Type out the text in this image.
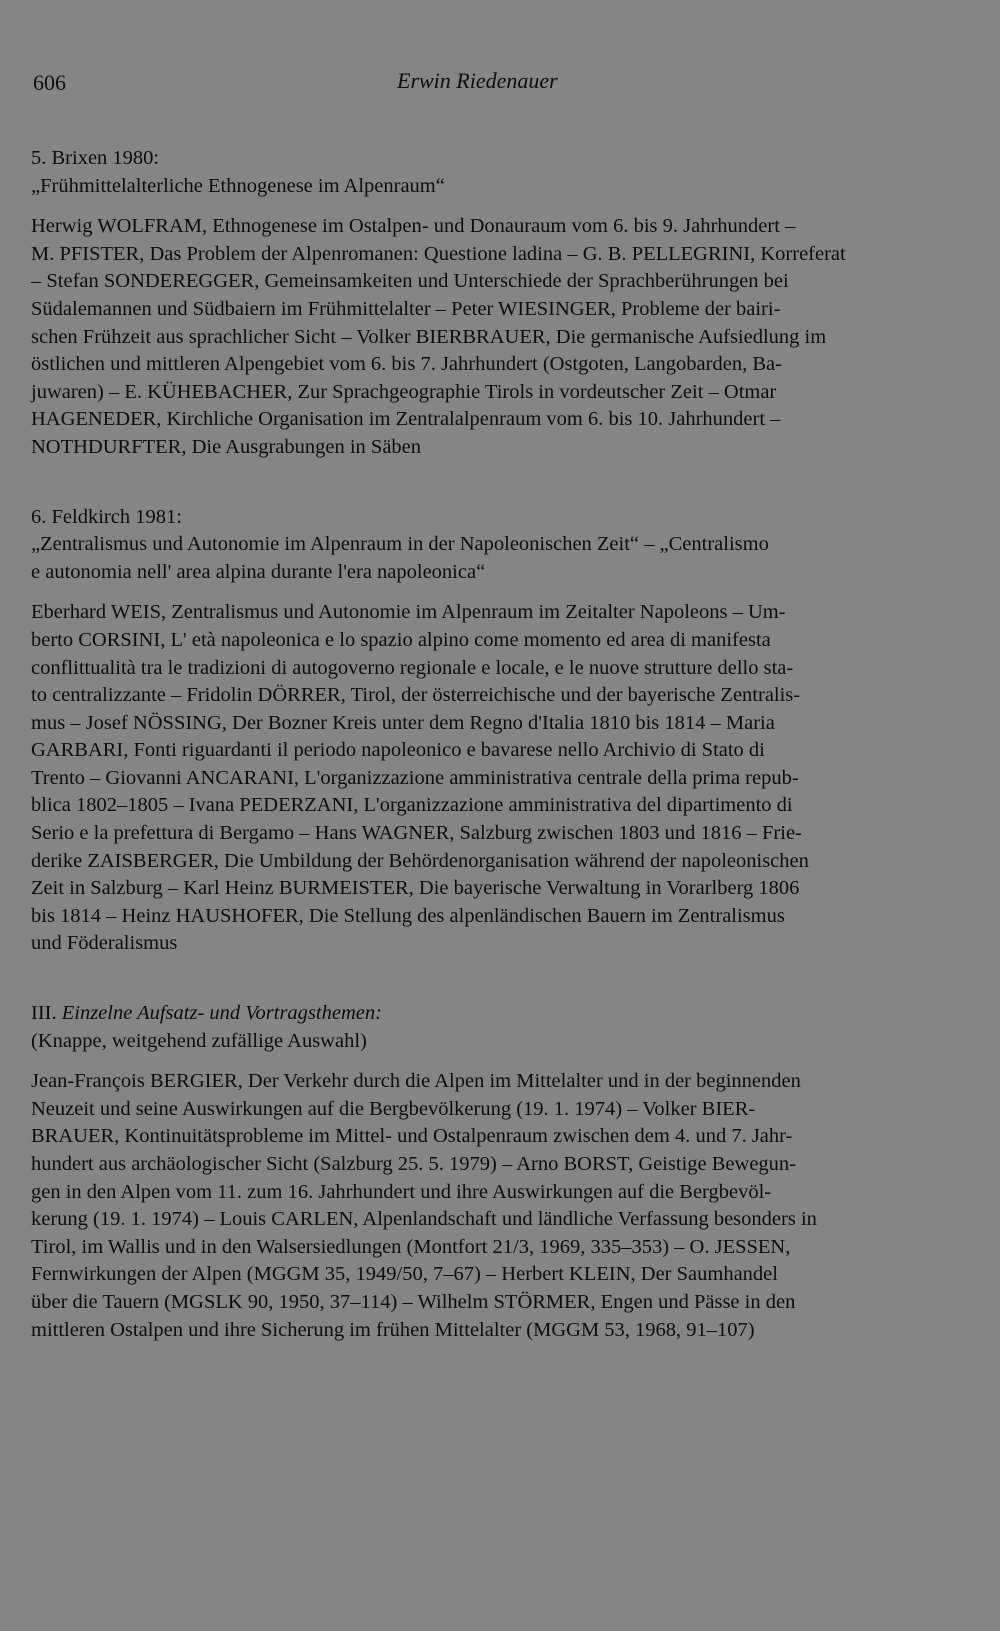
606	Erwin Riedenauer
5. Brixen 1980:
„Frühmittelalterliche Ethnogenese im Alpenraum“
Herwig WOLFRAM, Ethnogenese im Ostalpen- und Donauraum vom 6. bis 9. Jahrhundert –
M. PFISTER, Das Problem der Alpenromanen: Questione ladina – G. B. PELLEGRINI, Korreferat
– Stefan SONDEREGGER, Gemeinsamkeiten und Unterschiede der Sprachberührungen bei
Südalemannen und Südbaiern im Frühmittelalter – Peter WIESINGER, Probleme der bairi-
schen Frühzeit aus sprachlicher Sicht – Volker BIERBRAUER, Die germanische Aufsiedlung im
östlichen und mittleren Alpengebiet vom 6. bis 7. Jahrhundert (Ostgoten, Langobarden, Ba-
juwaren) – E. KÜHEBACHER, Zur Sprachgeographie Tirols in vordeutscher Zeit – Otmar
HAGENEDER, Kirchliche Organisation im Zentralalpenraum vom 6. bis 10. Jahrhundert –
NOTHDURFTER, Die Ausgrabungen in Säben
6. Feldkirch 1981:
„Zentralismus und Autonomie im Alpenraum in der Napoleonischen Zeit“ – „Centralismo
e autonomia nell' area alpina durante l'era napoleonica“
Eberhard WEIS, Zentralismus und Autonomie im Alpenraum im Zeitalter Napoleons – Um-
berto CORSINI, L' età napoleonica e lo spazio alpino come momento ed area di manifesta
conflittualità tra le tradizioni di autogoverno regionale e locale, e le nuove strutture dello sta-
to centralizzante – Fridolin DÖRRER, Tirol, der österreichische und der bayerische Zentralis-
mus – Josef NÖSSING, Der Bozner Kreis unter dem Regno d'Italia 1810 bis 1814 – Maria
GARBARI, Fonti riguardanti il periodo napoleonico e bavarese nello Archivio di Stato di
Trento – Giovanni ANCARANI, L'organizzazione amministrativa centrale della prima repub-
blica 1802–1805 – Ivana PEDERZANI, L'organizzazione amministrativa del dipartimento di
Serio e la prefettura di Bergamo – Hans WAGNER, Salzburg zwischen 1803 und 1816 – Frie-
derike ZAISBERGER, Die Umbildung der Behördenorganisation während der napoleonischen
Zeit in Salzburg – Karl Heinz BURMEISTER, Die bayerische Verwaltung in Vorarlberg 1806
bis 1814 – Heinz HAUSHOFER, Die Stellung des alpenländischen Bauern im Zentralismus
und Föderalismus
III. Einzelne Aufsatz- und Vortragsthemen:
(Knappe, weitgehend zufällige Auswahl)
Jean-François BERGIER, Der Verkehr durch die Alpen im Mittelalter und in der beginnenden
Neuzeit und seine Auswirkungen auf die Bergbevölkerung (19. 1. 1974) – Volker BIER-
BRAUER, Kontinuitätsprobleme im Mittel- und Ostalpenraum zwischen dem 4. und 7. Jahr-
hundert aus archäologischer Sicht (Salzburg 25. 5. 1979) – Arno BORST, Geistige Bewegun-
gen in den Alpen vom 11. zum 16. Jahrhundert und ihre Auswirkungen auf die Bergbevöl-
kerung (19. 1. 1974) – Louis CARLEN, Alpenlandschaft und ländliche Verfassung besonders in
Tirol, im Wallis und in den Walsersiedlungen (Montfort 21/3, 1969, 335–353) – O. JESSEN,
Fernwirkungen der Alpen (MGGM 35, 1949/50, 7–67) – Herbert KLEIN, Der Saumhandel
über die Tauern (MGSLK 90, 1950, 37–114) – Wilhelm STÖRMER, Engen und Pässe in den
mittleren Ostalpen und ihre Sicherung im frühen Mittelalter (MGGM 53, 1968, 91–107)
